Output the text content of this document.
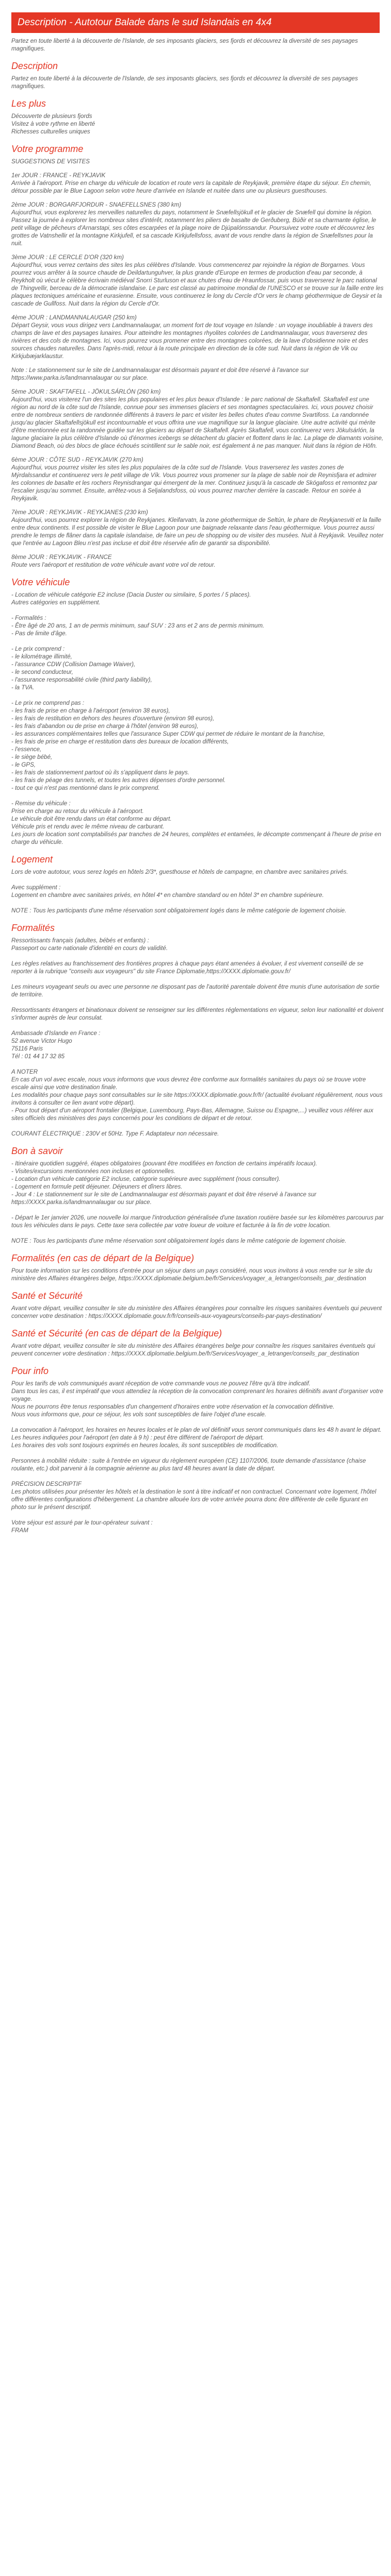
Description - Autotour Balade dans le sud Islandais en 4x4

Partez en toute liberté à la découverte de l'Islande, de ses imposants glaciers, ses fjords et découvrez la diversité de ses paysages magnifiques.

Description

Partez en toute liberté à la découverte de l'Islande, de ses imposants glaciers, ses fjords et découvrez la diversité de ses paysages magnifiques.

Les plus
Découverte de plusieurs fjords
Visitez à votre rythme en liberté
Richesses culturelles uniques
Votre programme

SUGGESTIONS DE VISITES

1er JOUR : FRANCE - REYKJAVIK

Arrivée à l'aéroport. Prise en charge du véhicule de location et route vers la capitale de Reykjavik, première étape du séjour. En chemin, détour possible par le Blue Lagoon selon votre heure d'arrivée en Islande et nuitée dans une ou plusieurs guesthouses.

2ème JOUR : BORGARFJORDUR - SNAEFELLSNES (380 km)

Aujourd'hui, vous explorerez les merveilles naturelles du pays, notamment le Snæfellsjökull et le glacier de Snæfell qui domine la région. Passez la journée à explorer les nombreux sites d'intérêt, notamment les piliers de basalte de Gerðuberg, Búðir et sa charmante église, le petit village de pêcheurs d'Arnarstapi, ses côtes escarpées et la plage noire de Djúpalónssandur. Poursuivez votre route et découvrez les grottes de Vatnshellir et la montagne Kirkjufell, et sa cascade Kirkjufellsfoss, avant de vous rendre dans la région de Snæfellsnes pour la nuit.

3ème JOUR : LE CERCLE D'OR (320 km)

Aujourd'hui, vous verrez certains des sites les plus célèbres d'Islande. Vous commencerez par rejoindre la région de Borgarnes. Vous pourrez vous arrêter à la source chaude de Deildartunguhver, la plus grande d'Europe en termes de production d'eau par seconde, à Reykholt où vécut le célèbre écrivain médiéval Snorri Sturluson et aux chutes d'eau de Hraunfossar, puis vous traverserez le parc national de Thingvellir, berceau de la démocratie islandaise. Le parc est classé au patrimoine mondial de l'UNESCO et se trouve sur la faille entre les plaques tectoniques américaine et eurasienne. Ensuite, vous continuerez le long du Cercle d'Or vers le champ géothermique de Geysir et la cascade de Gullfoss. Nuit dans la région du Cercle d'Or.

4ème JOUR : LANDMANNALAUGAR (250 km)

Départ Geysir, vous vous dirigez vers Landmannalaugar, un moment fort de tout voyage en Islande : un voyage inoubliable à travers des champs de lave et des paysages lunaires. Pour atteindre les montagnes rhyolites colorées de Landmannalaugar, vous traverserez des rivières et des cols de montagnes. Ici, vous pourrez vous promener entre des montagnes colorées, de la lave d'obsidienne noire et des sources chaudes naturelles. Dans l'après-midi, retour à la route principale en direction de la côte sud. Nuit dans la région de Vik ou Kirkjubæjarklaustur.

Note : Le stationnement sur le site de Landmannalaugar est désormais payant et doit être réservé à l'avance sur https://www.parka.is/landmannalaugar ou sur place.

5ème JOUR : SKAFTAFELL - JÖKULSÁRLÓN (260 km)

Aujourd'hui, vous visiterez l'un des sites les plus populaires et les plus beaux d'Islande : le parc national de Skaftafell. Skaftafell est une région au nord de la côte sud de l'Islande, connue pour ses immenses glaciers et ses montagnes spectaculaires. Ici, vous pouvez choisir entre de nombreux sentiers de randonnée différents à travers le parc et visiter les belles chutes d'eau comme Svartifoss. La randonnée jusqu'au glacier Skaftafellsjökull est incontournable et vous offrira une vue magnifique sur la langue glaciaire. Une autre activité qui mérite d'être mentionnée est la randonnée guidée sur les glaciers au départ de Skaftafell. Après Skaftafell, vous continuerez vers Jökulsárlón, la lagune glaciaire la plus célèbre d'Islande où d'énormes icebergs se détachent du glacier et flottent dans le lac. La plage de diamants voisine, Diamond Beach, où des blocs de glace échoués scintillent sur le sable noir, est également à ne pas manquer. Nuit dans la région de Höfn.

6ème JOUR : CÔTE SUD - REYKJAVIK (270 km)

Aujourd'hui, vous pourrez visiter les sites les plus populaires de la côte sud de l'Islande. Vous traverserez les vastes zones de Mýrdalssandur et continuerez vers le petit village de Vík. Vous pourrez vous promener sur la plage de sable noir de Reynisfjara et admirer les colonnes de basalte et les rochers Reynisdrangar qui émergent de la mer. Continuez jusqu'à la cascade de Skógafoss et remontez par l'escalier jusqu'au sommet. Ensuite, arrêtez-vous à Seljalandsfoss, où vous pourrez marcher derrière la cascade. Retour en soirée à Reykjavik.

7ème JOUR : REYKJAVIK - REYKJANES (230 km)

Aujourd'hui, vous pourrez explorer la région de Reykjanes. Kleifarvatn, la zone géothermique de Seltún, le phare de Reykjanesviti et la faille entre deux continents. Il est possible de visiter le Blue Lagoon pour une baignade relaxante dans l'eau géothermique. Vous pourrez aussi prendre le temps de flâner dans la capitale islandaise, de faire un peu de shopping ou de visiter des musées. Nuit à Reykjavik. Veuillez noter que l'entrée au Lagoon Bleu n'est pas incluse et doit être réservée afin de garantir sa disponibilité.

8ème JOUR : REYKJAVIK - FRANCE

Route vers l'aéroport et restitution de votre véhicule avant votre vol de retour.

Votre véhicule

- Location de véhicule catégorie E2 incluse (Dacia Duster ou similaire, 5 portes / 5 places).

Autres catégories en supplément.

- Formalités :

- Être âgé de 20 ans, 1 an de permis minimum, sauf SUV : 23 ans et 2 ans de permis minimum.

- Pas de limite d'âge.

- Le prix comprend :

- le kilométrage illimité,

- l'assurance CDW (Collision Damage Waiver),

- le second conducteur,

- l'assurance responsabilité civile (third party liability),

- la TVA.

- Le prix ne comprend pas :

- les frais de prise en charge à l'aéroport (environ 38 euros),

- les frais de restitution en dehors des heures d'ouverture (environ 98 euros),

- les frais d'abandon ou de prise en charge à l'hôtel (environ 98 euros),

- les assurances complémentaires telles que l'assurance Super CDW qui permet de réduire le montant de la franchise,

- les frais de prise en charge et restitution dans des bureaux de location différents,

- l'essence,

- le siège bébé,

- le GPS,

- les frais de stationnement partout où ils s'appliquent dans le pays.

- les frais de péage des tunnels, et toutes les autres dépenses d'ordre personnel.

- tout ce qui n'est pas mentionné dans le prix comprend.

- Remise du véhicule :

Prise en charge au retour du véhicule à l'aéroport.

Le véhicule doit être rendu dans un état conforme au départ.

Véhicule pris et rendu avec le même niveau de carburant.

Les jours de location sont comptabilisés par tranches de 24 heures, complètes et entamées, le décompte commençant à l'heure de prise en charge du véhicule.

Logement

Lors de votre autotour, vous serez logés en hôtels 2/3*, guesthouse et hôtels de campagne, en chambre avec sanitaires privés.

Avec supplément :

Logement en chambre avec sanitaires privés, en hôtel 4* en chambre standard ou en hôtel 3* en chambre supérieure.

NOTE : Tous les participants d'une même réservation sont obligatoirement logés dans le même catégorie de logement choisie.

Formalités

Ressortissants français (adultes, bébés et enfants) :

Passeport ou carte nationale d'identité en cours de validité.

Les règles relatives au franchissement des frontières propres à chaque pays étant amenées à évoluer, il est vivement conseillé de se reporter à la rubrique "conseils aux voyageurs" du site France Diplomatie,https://XXXX.diplomatie.gouv.fr/

Les mineurs voyageant seuls ou avec une personne ne disposant pas de l'autorité parentale doivent être munis d'une autorisation de sortie de territoire.

Ressortissants étrangers et binationaux doivent se renseigner sur les différentes réglementations en vigueur, selon leur nationalité et doivent s'informer auprès de leur consulat.

Ambassade d'Islande en France :

52 avenue Victor Hugo

75116 Paris

Tél : 01 44 17 32 85

A NOTER

En cas d'un vol avec escale, nous vous informons que vous devrez être conforme aux formalités sanitaires du pays où se trouve votre escale ainsi que votre destination finale.

Les modalités pour chaque pays sont consultables sur le site https://XXXX.diplomatie.gouv.fr/fr/ (actualité évoluant régulièrement, nous vous invitons à consulter ce lien avant votre départ).

- Pour tout départ d'un aéroport frontalier (Belgique, Luxembourg, Pays-Bas, Allemagne, Suisse ou Espagne,...) veuillez vous référer aux sites officiels des ministères des pays concernés pour les conditions de départ et de retour.

COURANT ÉLECTRIQUE : 230V et 50Hz. Type F. Adaptateur non nécessaire.

Bon à savoir

- Itinéraire quotidien suggéré, étapes obligatoires (pouvant être modifiées en fonction de certains impératifs locaux).

- Visites/excursions mentionnées non incluses et optionnelles.

- Location d'un véhicule catégorie E2 incluse, catégorie supérieure avec supplément (nous consulter).

- Logement en formule petit déjeuner. Déjeuners et dîners libres.

- Jour 4 : Le stationnement sur le site de Landmannalaugar est désormais payant et doit être réservé à l'avance sur https://XXXX.parka.is/landmannalaugar ou sur place.

- Départ le 1er janvier 2026, une nouvelle loi marque l'introduction généralisée d'une taxation routière basée sur les kilomètres parcourus par tous les véhicules dans le pays. Cette taxe sera collectée par votre loueur de voiture et facturée à la fin de votre location.

NOTE : Tous les participants d'une même réservation sont obligatoirement logés dans le même catégorie de logement choisie.

Formalités (en cas de départ de la Belgique)

Pour toute information sur les conditions d'entrée pour un séjour dans un pays considéré, nous vous invitons à vous rendre sur le site du ministère des Affaires étrangères belge, https://XXXX.diplomatie.belgium.be/fr/Services/voyager_a_letranger/conseils_par_destination

Santé et Sécurité

Avant votre départ, veuillez consulter le site du ministère des Affaires étrangères pour connaître les risques sanitaires éventuels qui peuvent concerner votre destination : https://XXXX.diplomatie.gouv.fr/fr/conseils-aux-voyageurs/conseils-par-pays-destination/

Santé et Sécurité (en cas de départ de la Belgique)

Avant votre départ, veuillez consulter le site du ministère des Affaires étrangères belge pour connaître les risques sanitaires éventuels qui peuvent concerner votre destination : https://XXXX.diplomatie.belgium.be/fr/Services/voyager_a_letranger/conseils_par_destination

Pour info

Pour les tarifs de vols communiqués avant réception de votre commande vous ne pouvez l'être qu'à titre indicatif.

Dans tous les cas, il est impératif que vous attendiez la réception de la convocation comprenant les horaires définitifs avant d'organiser votre voyage.

Nous ne pourrons être tenus responsables d'un changement d'horaires entre votre réservation et la convocation définitive.

Nous vous informons que, pour ce séjour, les vols sont susceptibles de faire l'objet d'une escale.

La convocation à l'aéroport, les horaires en heures locales et le plan de vol définitif vous seront communiqués dans les 48 h avant le départ.

Les heures indiquées pour l'aéroport (en date à 9 h) : peut être différent de l'aéroport de départ.

Les horaires des vols sont toujours exprimés en heures locales, ils sont susceptibles de modification.

Personnes à mobilité réduite : suite à l'entrée en vigueur du règlement européen (CE) 1107/2006, toute demande d'assistance (chaise roulante, etc.) doit parvenir à la compagnie aérienne au plus tard 48 heures avant la date de départ.

PRÉCISION DESCRIPTIF

Les photos utilisées pour présenter les hôtels et la destination le sont à titre indicatif et non contractuel. Concernant votre logement, l'hôtel offre différentes configurations d'hébergement. La chambre allouée lors de votre arrivée pourra donc être différente de celle figurant en photo sur le présent descriptif.

Votre séjour est assuré par le tour-opérateur suivant :

FRAM
